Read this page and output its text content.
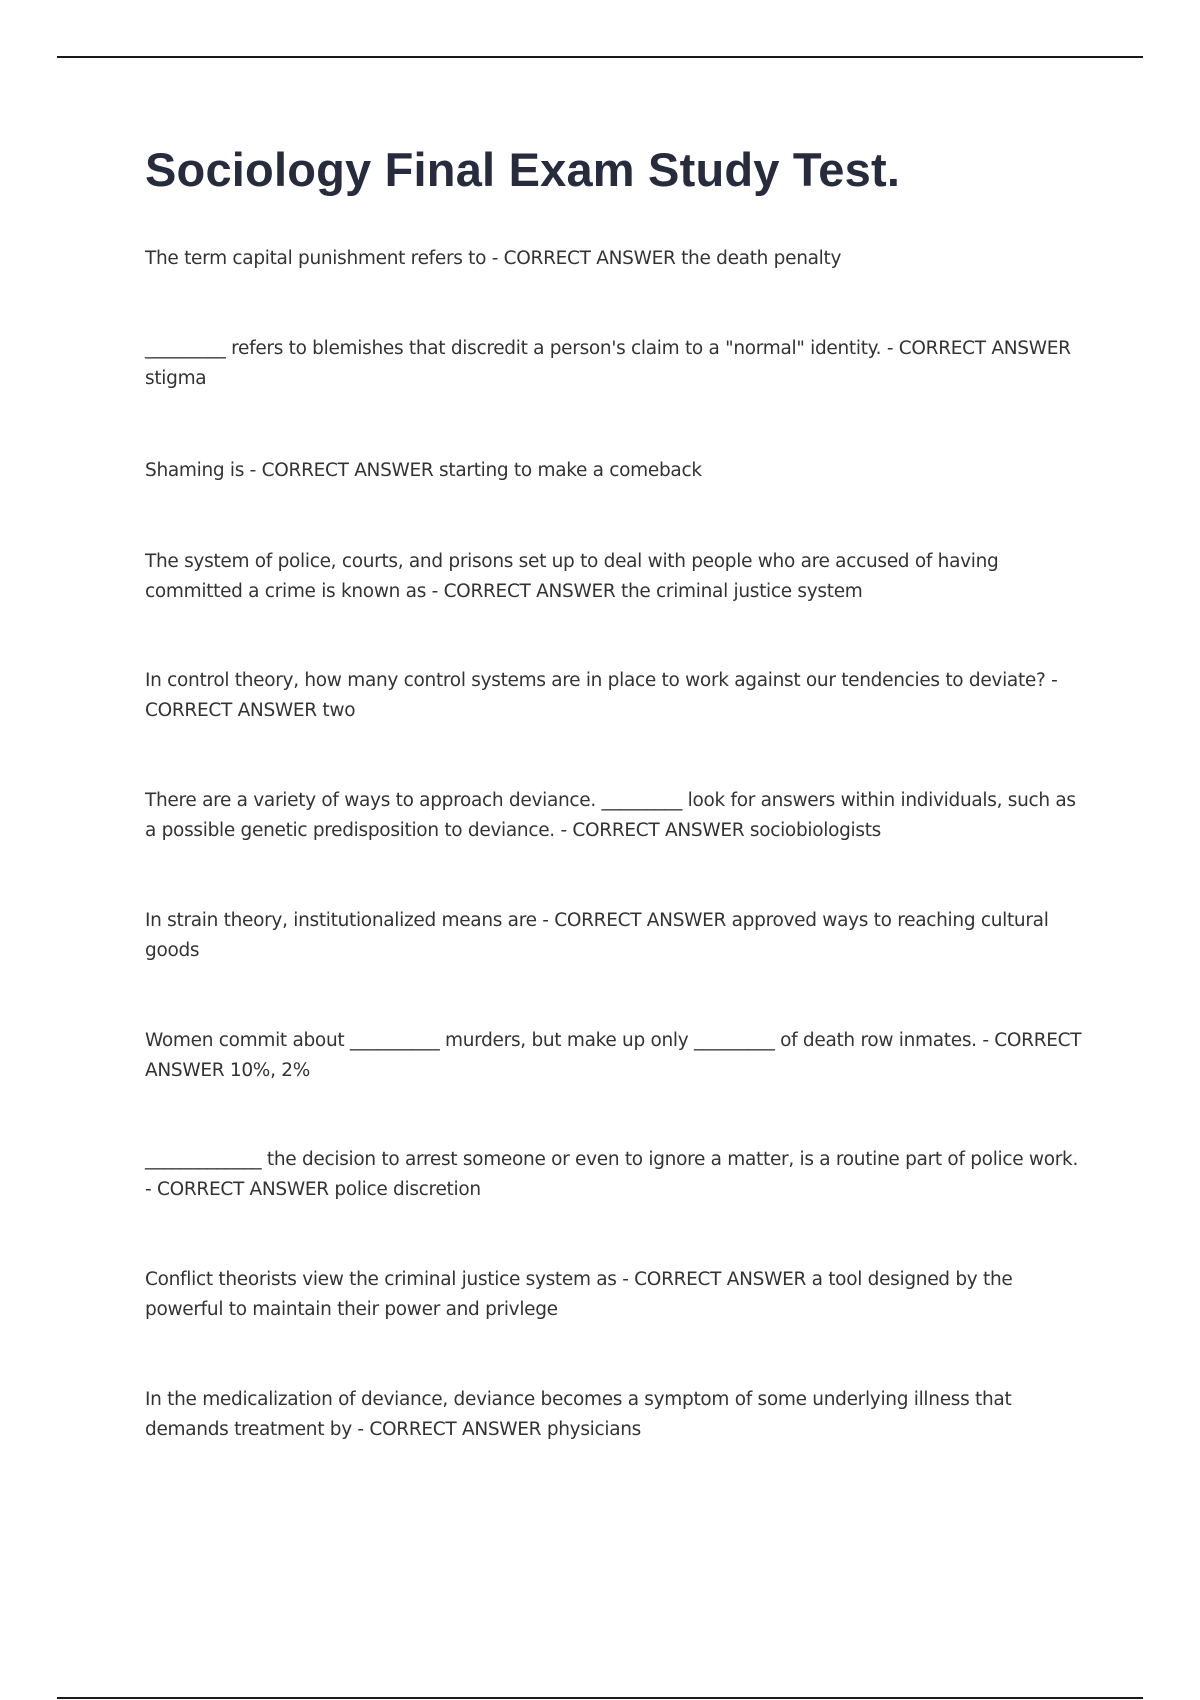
Sociology Final Exam Study Test.

The term capital punishment refers to - CORRECT ANSWER the death penalty

_________ refers to blemishes that discredit a person's claim to a "normal" identity. - CORRECT ANSWER stigma

Shaming is - CORRECT ANSWER starting to make a comeback

The system of police, courts, and prisons set up to deal with people who are accused of having committed a crime is known as - CORRECT ANSWER the criminal justice system

In control theory, how many control systems are in place to work against our tendencies to deviate? - CORRECT ANSWER two

There are a variety of ways to approach deviance. _________ look for answers within individuals, such as a possible genetic predisposition to deviance. - CORRECT ANSWER sociobiologists

In strain theory, institutionalized means are - CORRECT ANSWER approved ways to reaching cultural goods

Women commit about __________ murders, but make up only _________ of death row inmates. - CORRECT ANSWER 10%, 2%

_____________ the decision to arrest someone or even to ignore a matter, is a routine part of police work. - CORRECT ANSWER police discretion

Conflict theorists view the criminal justice system as - CORRECT ANSWER a tool designed by the powerful to maintain their power and privlege

In the medicalization of deviance, deviance becomes a symptom of some underlying illness that demands treatment by - CORRECT ANSWER physicians
